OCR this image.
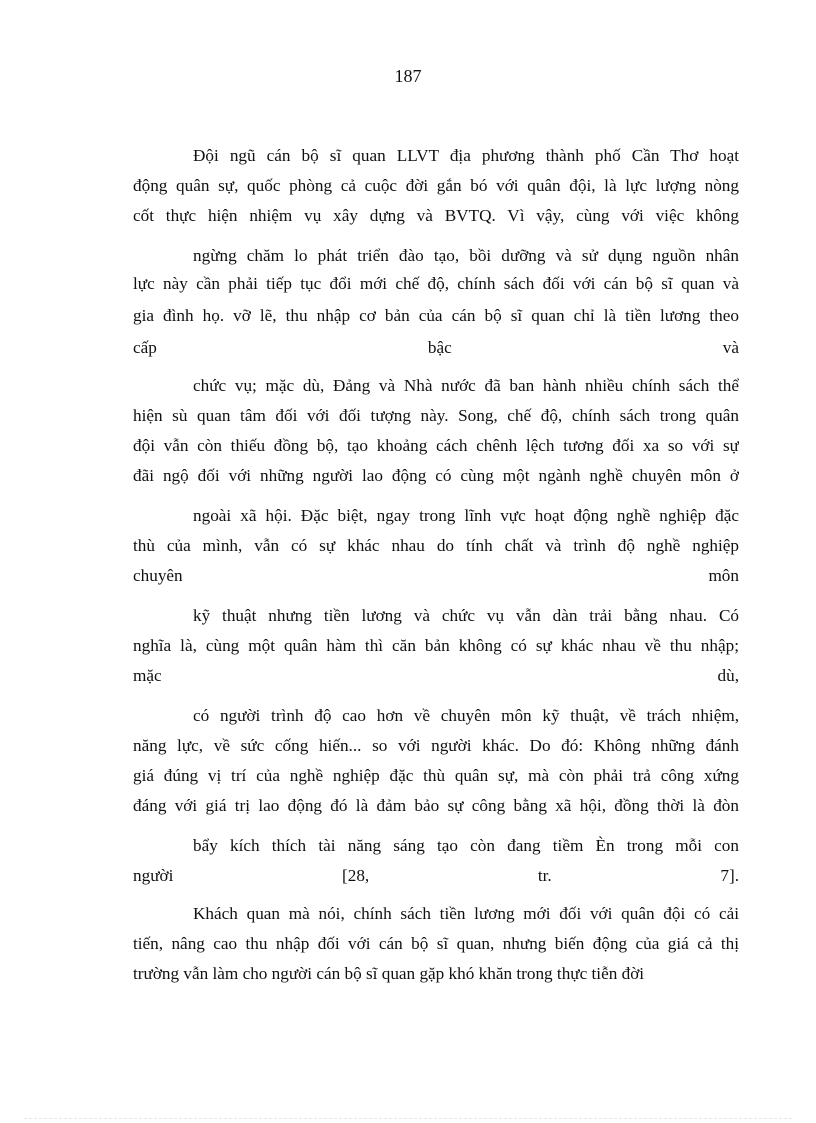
187
Đội ngũ cán bộ sĩ quan LLVT địa phương thành phố Cần Thơ hoạt
động quân sự, quốc phòng cả cuộc đời gắn bó với quân đội, là lực lượng nòng
cốt thực hiện nhiệm vụ xây dựng và BVTQ. Vì vậy, cùng với việc không
ngừng chăm lo phát triển đào tạo, bồi dưỡng và sử dụng nguồn nhân
lực này cần phải tiếp tục đổi mới chế độ, chính sách đối với cán bộ sĩ quan và
gia đình họ. vỡ lẽ, thu nhập cơ bản của cán bộ sĩ quan chỉ là tiền lương theo
cấp	bậc	và
chức vụ; mặc dù, Đảng và Nhà nước đã ban hành nhiều chính sách thể
hiện sù quan tâm đối với đối tượng này. Song, chế độ, chính sách trong quân
đội vẫn còn thiếu đồng bộ, tạo khoảng cách chênh lệch tương đối xa so với sự
đãi ngộ đối với những người lao động có cùng một ngành nghề chuyên môn ở
ngoài xã hội. Đặc biệt, ngay trong lĩnh vực hoạt động nghề nghiệp đặc
thù của mình, vẫn có sự khác nhau do tính chất và trình độ nghề nghiệp
chuyên	môn
kỹ thuật nhưng tiền lương và chức vụ vẫn dàn trải bằng nhau. Có
nghĩa là, cùng một quân hàm thì căn bản không có sự khác nhau về thu nhập;
mặc	dù,
có người trình độ cao hơn về chuyên môn kỹ thuật, về trách nhiệm,
năng lực, về sức cống hiến... so với người khác. Do đó: Không những đánh
giá đúng vị trí của nghề nghiệp đặc thù quân sự, mà còn phải trả công xứng
đáng với giá trị lao động đó là đảm bảo sự công bằng xã hội, đồng thời là đòn
bẩy kích thích tài năng sáng tạo còn đang tiềm Èn trong mỗi con
người	[28,	tr.	7].
Khách quan mà nói, chính sách tiền lương mới đối với quân đội có cải
tiến, nâng cao thu nhập đối với cán bộ sĩ quan, nhưng biến động của giá cả thị
trường vẫn làm cho người cán bộ sĩ quan gặp khó khăn trong thực tiễn đời
